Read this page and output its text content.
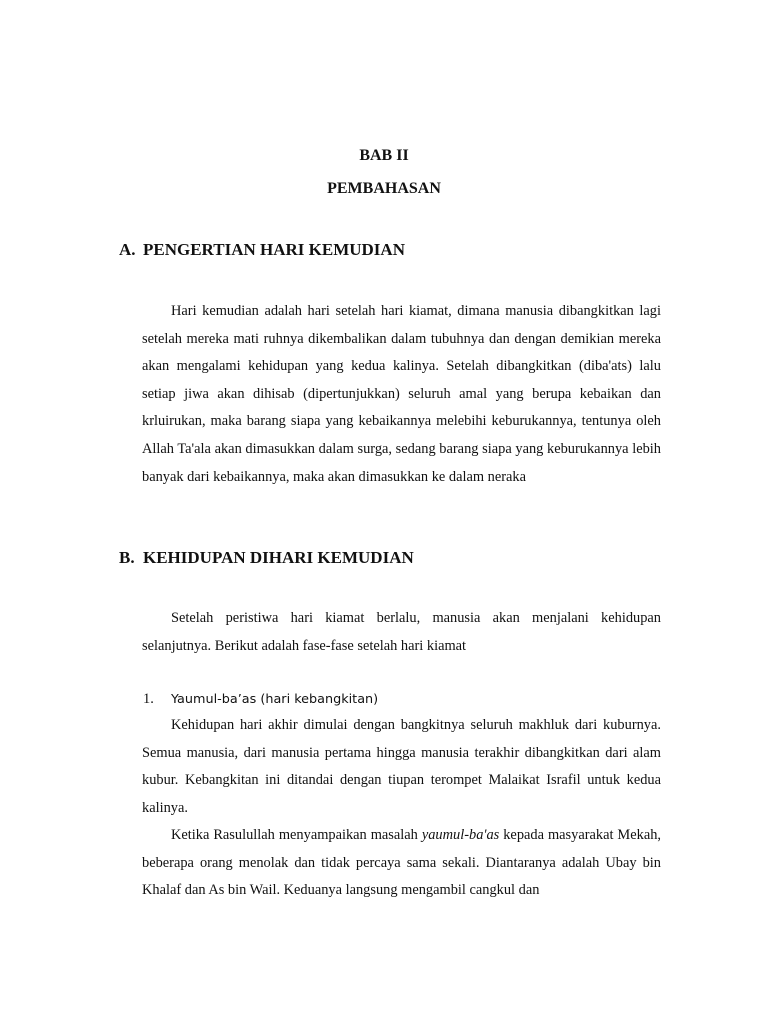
BAB II
PEMBAHASAN
A. PENGERTIAN HARI KEMUDIAN

Hari kemudian adalah hari setelah hari kiamat, dimana manusia dibangkitkan lagi setelah mereka mati ruhnya dikembalikan dalam tubuhnya dan dengan demikian mereka akan mengalami kehidupan yang kedua kalinya. Setelah dibangkitkan (diba'ats) lalu setiap jiwa akan dihisab (dipertunjukkan) seluruh amal yang berupa kebaikan dan krluirukan, maka barang siapa yang kebaikannya melebihi keburukannya, tentunya oleh Allah Ta'ala akan dimasukkan dalam surga, sedang barang siapa yang keburukannya lebih banyak dari kebaikannya, maka akan dimasukkan ke dalam neraka

B. KEHIDUPAN DIHARI KEMUDIAN

Setelah peristiwa hari kiamat berlalu, manusia akan menjalani kehidupan selanjutnya. Berikut adalah fase-fase setelah hari kiamat

1. Yaumul-ba’as (hari kebangkitan)

Kehidupan hari akhir dimulai dengan bangkitnya seluruh makhluk dari kuburnya. Semua manusia, dari manusia pertama hingga manusia terakhir dibangkitkan dari alam kubur. Kebangkitan ini ditandai dengan tiupan terompet Malaikat Israfil untuk kedua kalinya.

Ketika Rasulullah menyampaikan masalah yaumul-ba'as kepada masyarakat Mekah, beberapa orang menolak dan tidak percaya sama sekali. Diantaranya adalah Ubay bin Khalaf dan As bin Wail. Keduanya langsung mengambil cangkul dan
